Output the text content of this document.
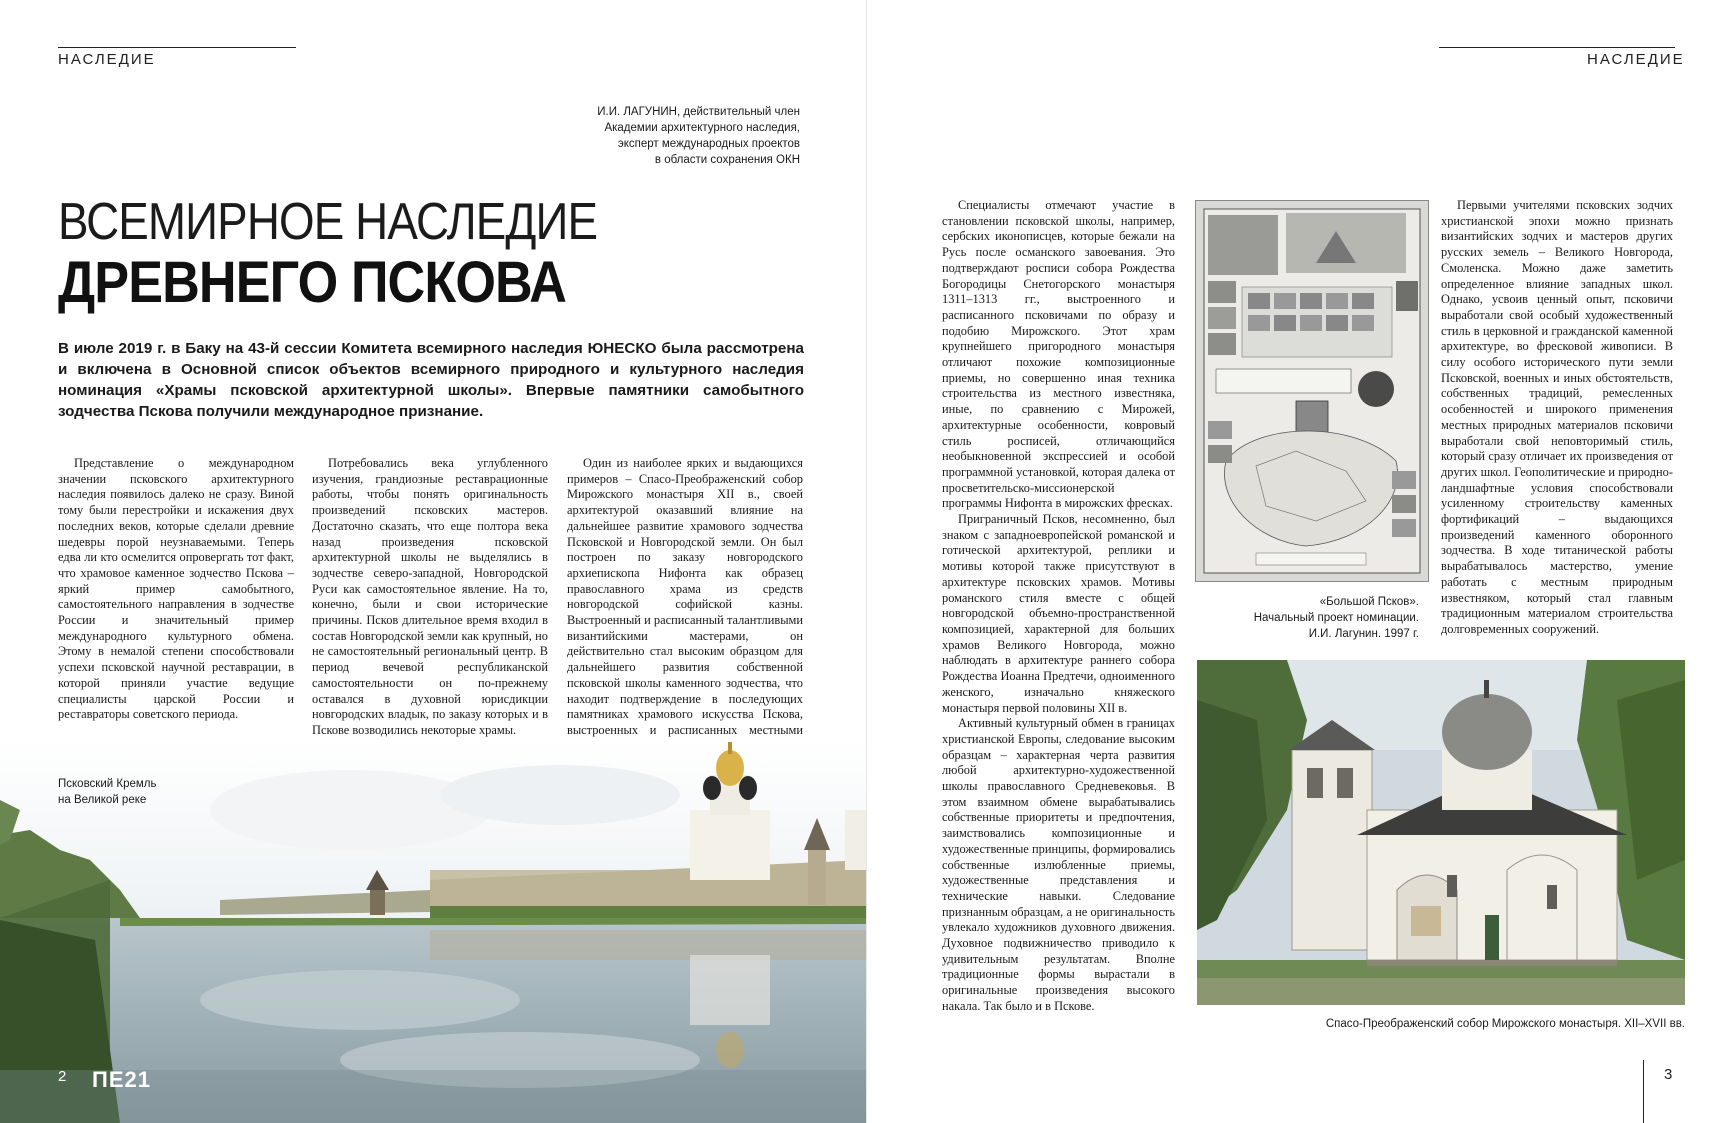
НАСЛЕДИЕ
И.И. ЛАГУНИН, действительный член
Академии архитектурного наследия,
эксперт международных проектов
в области сохранения ОКН
ВСЕМИРНОЕ НАСЛЕДИЕ
ДРЕВНЕГО ПСКОВА
В июле 2019 г. в Баку на 43-й сессии Комитета всемирного наследия ЮНЕСКО была рассмотрена и включена в Основной список объектов всемирного природного и культурного наследия номинация «Храмы псковской архитектурной школы». Впервые памятники самобытного зодчества Пскова получили международное признание.

Представление о международном значении псковского архитектурного наследия появилось далеко не сразу. Виной тому были перестройки и искажения двух последних веков, которые сделали древние шедевры порой неузнаваемыми. Теперь едва ли кто осмелится опровергать тот факт, что храмовое каменное зодчество Пскова – яркий пример самобытного, самостоятельного направления в зодчестве России и значительный пример международного культурного обмена. Этому в немалой степени способствовали успехи псковской научной реставрации, в которой приняли участие ведущие специалисты царской России и реставраторы советского периода.

Потребовались века углубленного изучения, грандиозные реставрационные работы, чтобы понять оригинальность произведений псковских мастеров. Достаточно сказать, что еще полтора века назад произведения псковской архитектурной школы не выделялись в зодчестве северо-западной, Новгородской Руси как самостоятельное явление. На то, конечно, были и свои исторические причины. Псков длительное время входил в состав Новгородской земли как крупный, но не самостоятельный региональный центр. В период вечевой республиканской самостоятельности он по-прежнему оставался в духовной юрисдикции новгородских владык, по заказу которых и в Пскове возводились некоторые храмы.

Один из наиболее ярких и выдающихся примеров – Спасо-Преображенский собор Мирожского монастыря XII в., своей архитектурой оказавший влияние на дальнейшее развитие храмового зодчества Псковской и Новгородской земли. Он был построен по заказу новгородского архиепископа Нифонта как образец православного храма из средств новгородской софийской казны. Выстроенный и расписанный талантливыми византийскими мастерами, он действительно стал высоким образцом для дальнейшего развития собственной псковской школы каменного зодчества, что находит подтверждение в последующих памятниках храмового искусства Пскова, выстроенных и расписанных местными

Псковский Кремль
на Великой реке
2 ПЕ21
НАСЛЕДИЕ

Специалисты отмечают участие в становлении псковской школы, например, сербских иконописцев, которые бежали на Русь после османского завоевания. Это подтверждают росписи собора Рождества Богородицы Снетогорского монастыря 1311–1313 гг., выстроенного и расписанного псковичами по образу и подобию Мирожского. Этот храм крупнейшего пригородного монастыря отличают похожие композиционные приемы, но совершенно иная техника строительства из местного известняка, иные, по сравнению с Мирожей, архитектурные особенности, ковровый стиль росписей, отличающийся необыкновенной экспрессией и особой программной установкой, которая далека от просветительско-миссионерской программы Нифонта в мирожских фресках.

Приграничный Псков, несомненно, был знаком с западноевропейской романской и готической архитектурой, реплики и мотивы которой также присутствуют в архитектуре псковских храмов. Мотивы романского стиля вместе с общей новгородской объемно-пространственной композицией, характерной для больших храмов Великого Новгорода, можно наблюдать в архитектуре раннего собора Рождества Иоанна Предтечи, одноименного женского, изначально княжеского монастыря первой половины XII в.

Активный культурный обмен в границах христианской Европы, следование высоким образцам – характерная черта развития любой архитектурно-художественной школы православного Средневековья. В этом взаимном обмене вырабатывались собственные приоритеты и предпочтения, заимствовались композиционные и художественные принципы, формировались собственные излюбленные приемы, художественные представления и технические навыки. Следование признанным образцам, а не оригинальность увлекало художников духовного движения. Духовное подвижничество приводило к удивительным результатам. Вполне традиционные формы вырастали в оригинальные произведения высокого накала. Так было и в Пскове.

«Большой Псков».
Начальный проект номинации.
И.И. Лагунин. 1997 г.

Первыми учителями псковских зодчих христианской эпохи можно признать византийских зодчих и мастеров других русских земель – Великого Новгорода, Смоленска. Можно даже заметить определенное влияние западных школ. Однако, усвоив ценный опыт, псковичи выработали свой особый художественный стиль в церковной и гражданской каменной архитектуре, во фресковой живописи. В силу особого исторического пути земли Псковской, военных и иных обстоятельств, собственных традиций, ремесленных особенностей и широкого применения местных природных материалов псковичи выработали свой неповторимый стиль, который сразу отличает их произведения от других школ. Геополитические и природно-ландшафтные условия способствовали усиленному строительству каменных фортификаций – выдающихся произведений каменного оборонного зодчества. В ходе титанической работы вырабатывалось мастерство, умение работать с местным природным известняком, который стал главным традиционным материалом строительства долговременных сооружений.

Спасо-Преображенский собор Мирожского монастыря. XII–XVII вв.
3
